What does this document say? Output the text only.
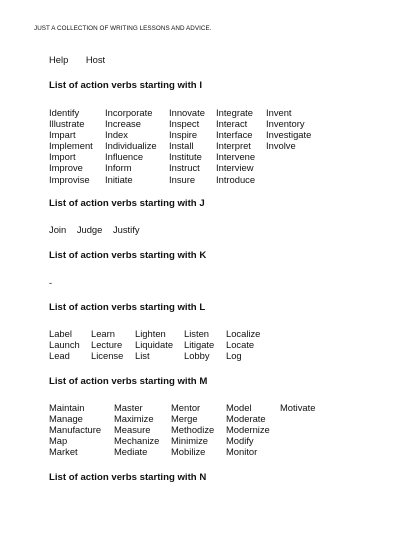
JUST A COLLECTION OF WRITING LESSONS AND ADVICE.
Help Host
List of action verbs starting with I
Identify	Incorporate Innovate Integrate Invent
Illustrate Increase	Inspect Interact Inventory
Impart	Index	Inspire Interface Investigate
Implement Individualize Install Interpret Involve
Import	Influence	Institute Intervene
Improve Inform	Instruct Interview
Improvise Initiate	Insure Introduce
List of action verbs starting with J
Join Judge Justify
List of action verbs starting with K
-
List of action verbs starting with L
Label Learn Lighten Listen Localize
Launch Lecture Liquidate Litigate Locate
Lead License List	Lobby Log
List of action verbs starting with M
Maintain	Master	Mentor	Model	Motivate
Manage	Maximize Merge	Moderate
Manufacture Measure Methodize Modernize
Map	Mechanize Minimize Modify
Market	Mediate	Mobilize Monitor
List of action verbs starting with N
